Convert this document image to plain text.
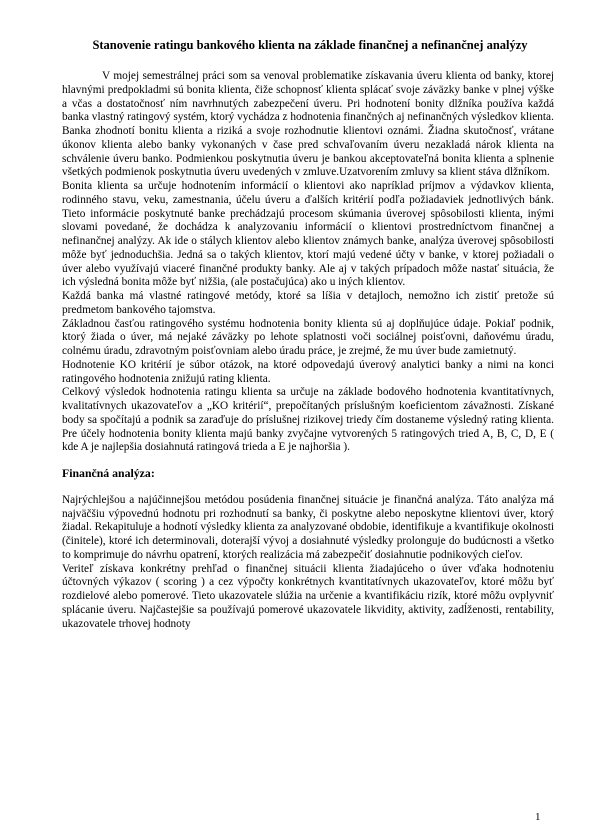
Stanovenie ratingu bankového klienta na základe finančnej a nefinančnej analýzy

V mojej semestrálnej práci som sa venoval problematike získavania úveru klienta od banky, ktorej hlavnými predpokladmi sú bonita klienta, čiže schopnosť klienta splácať svoje záväzky banke v plnej výške a včas a dostatočnosť ním navrhnutých zabezpečení úveru. Pri hodnotení bonity dlžníka používa každá banka vlastný ratingový systém, ktorý vychádza z hodnotenia finančných aj nefinančných výsledkov klienta.

Banka zhodnotí bonitu klienta a riziká a svoje rozhodnutie klientovi oznámi. Žiadna skutočnosť, vrátane úkonov klienta alebo banky vykonaných v čase pred schvaľovaním úveru nezakladá nárok klienta na schválenie úveru banko. Podmienkou poskytnutia úveru je bankou akceptovateľná bonita klienta a splnenie všetkých podmienok poskytnutia úveru uvedených v zmluve.Uzatvorením zmluvy sa klient stáva dlžníkom.

Bonita klienta sa určuje hodnotením informácií o klientovi ako napríklad príjmov a výdavkov klienta, rodinného stavu, veku, zamestnania, účelu úveru a ďalších kritérií podľa požiadaviek jednotlivých bánk. Tieto informácie poskytnuté banke prechádzajú procesom skúmania úverovej spôsobilosti klienta, inými slovami povedané, že dochádza k analyzovaniu informácií o klientovi prostredníctvom finančnej a nefinančnej analýzy. Ak ide o stálych klientov alebo klientov známych banke, analýza úverovej spôsobilosti môže byť jednoduchšia. Jedná sa o takých klientov, ktorí majú vedené účty v banke, v ktorej požiadali o úver alebo využívajú viaceré finančné produkty banky. Ale aj v takých prípadoch môže nastať situácia, že ich výsledná bonita môže byť nižšia, (ale postačujúca) ako u iných klientov.

Každá banka má vlastné ratingové metódy, ktoré sa líšia v detajloch, nemožno ich zistiť pretože sú predmetom bankového tajomstva.

Základnou časťou ratingového systému hodnotenia bonity klienta sú aj doplňujúce údaje. Pokiaľ podnik, ktorý žiada o úver, má nejaké záväzky po lehote splatnosti voči sociálnej poisťovni, daňovému úradu, colnému úradu, zdravotným poisťovniam alebo úradu práce, je zrejmé, že mu úver bude zamietnutý.

Hodnotenie KO kritérií je súbor otázok, na ktoré odpovedajú úverový analytici banky a nimi na konci ratingového hodnotenia znižujú rating klienta.

Celkový výsledok hodnotenia ratingu klienta sa určuje na základe bodového hodnotenia kvantitatívnych, kvalitatívnych ukazovateľov a „KO kritérií“, prepočítaných príslušným koeficientom závažnosti. Získané body sa spočítajú a podnik sa zaraďuje do príslušnej rizikovej triedy čím dostaneme výsledný rating klienta. Pre účely hodnotenia bonity klienta majú banky zvyčajne vytvorených 5 ratingových tried A, B, C, D, E ( kde A je najlepšia dosiahnutá ratingová trieda a E je najhoršia ).

Finančná analýza:

Najrýchlejšou a najúčinnejšou metódou posúdenia finančnej situácie je finančná analýza. Táto analýza má najväčšiu výpovednú hodnotu pri rozhodnutí sa banky, či poskytne alebo neposkytne klientovi úver, ktorý žiadal. Rekapituluje a hodnotí výsledky klienta za analyzované obdobie, identifikuje a kvantifikuje okolnosti (činitele), ktoré ich determinovali, doterajší vývoj a dosiahnuté výsledky prolonguje do budúcnosti a všetko to komprimuje do návrhu opatrení, ktorých realizácia má zabezpečiť dosiahnutie podnikových cieľov.

Veriteľ získava konkrétny prehľad o finančnej situácii klienta žiadajúceho o úver vďaka hodnoteniu účtovných výkazov ( scoring ) a cez výpočty konkrétnych kvantitatívnych ukazovateľov, ktoré môžu byť rozdielové alebo pomerové. Tieto ukazovatele slúžia na určenie a kvantifikáciu rizík, ktoré môžu ovplyvniť splácanie úveru. Najčastejšie sa používajú pomerové ukazovatele likvidity, aktivity, zadĺženosti, rentability, ukazovatele trhovej hodnoty

1
